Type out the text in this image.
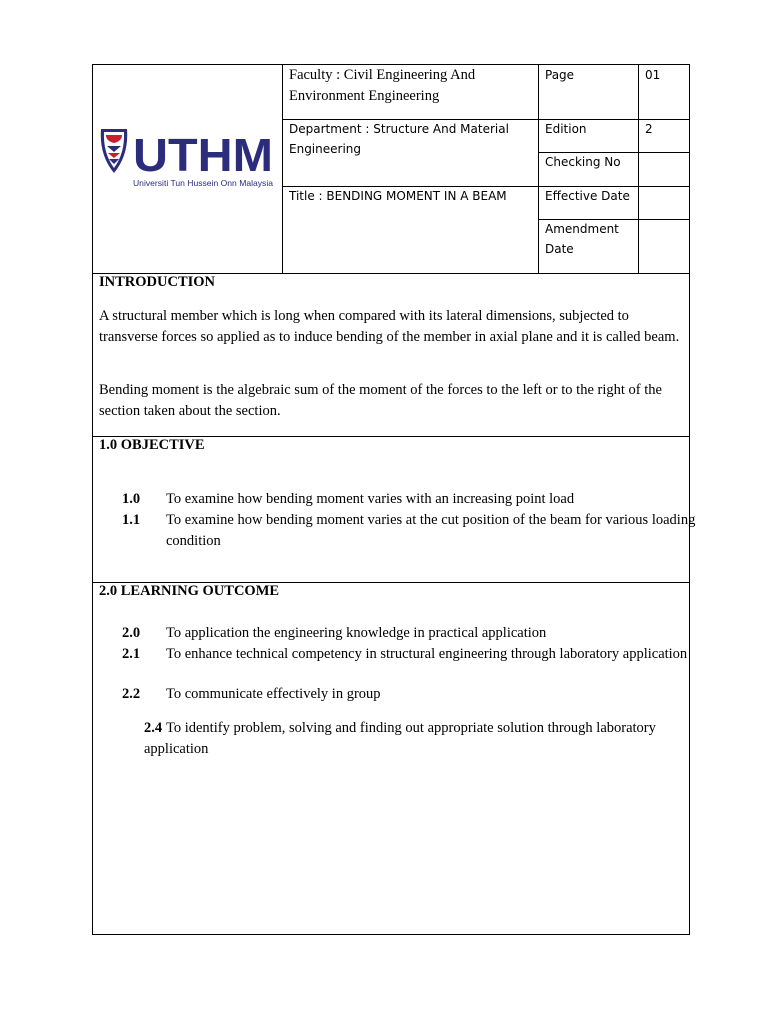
UTHM
Universiti Tun Hussein Onn Malaysia
Faculty : Civil Engineering And Environment Engineering
Department : Structure And Material Engineering
Title : BENDING MOMENT IN A BEAM
Page	01
Edition	2
Checking No
Effective Date
Amendment Date
INTRODUCTION
A structural member which is long when compared with its lateral dimensions, subjected to transverse forces so applied as to induce bending of the member in axial plane and it is called beam.
Bending moment is the algebraic sum of the moment of the forces to the left or to the right of the section taken about the section.
1.0 OBJECTIVE
1.0 To examine how bending moment varies with an increasing point load
1.1 To examine how bending moment varies at the cut position of the beam for various loading condition
2.0 LEARNING OUTCOME
2.0 To application the engineering knowledge in practical application
2.1 To enhance technical competency in structural engineering through laboratory application
2.2 To communicate effectively in group
2.4 To identify problem, solving and finding out appropriate solution through laboratory application
